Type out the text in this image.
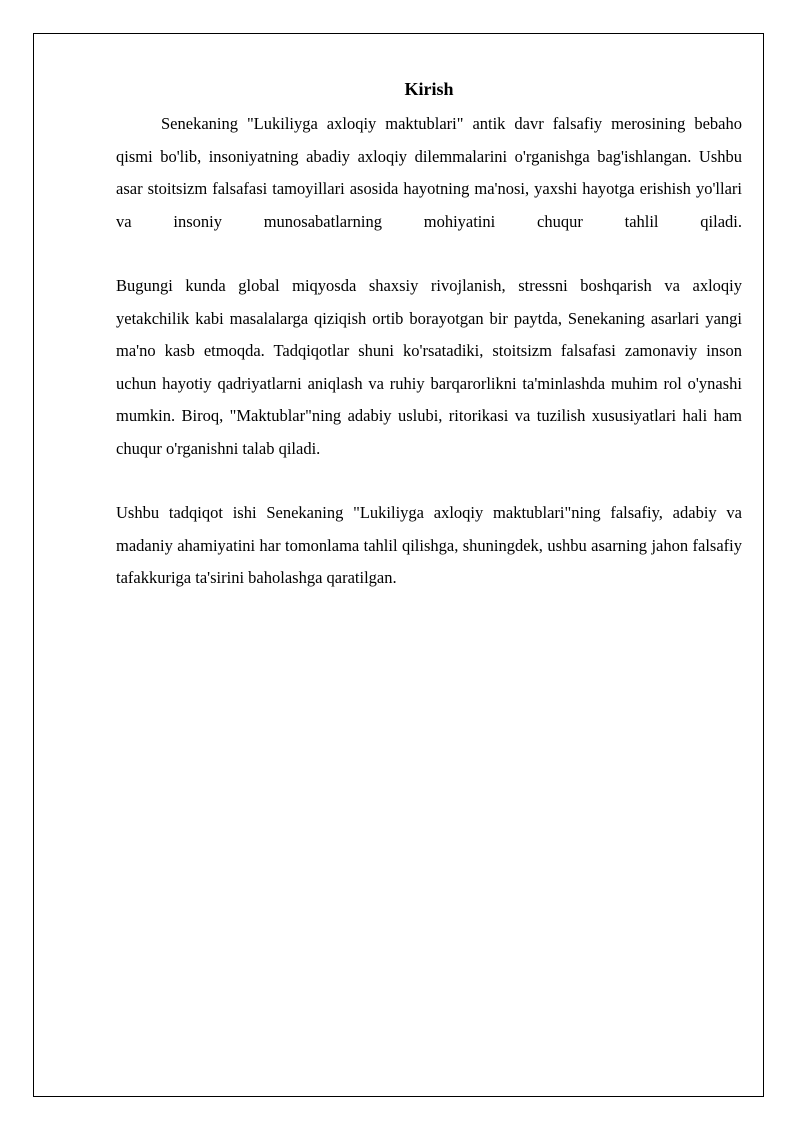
Kirish

Senekaning "Lukiliyga axloqiy maktublari" antik davr falsafiy merosining bebaho qismi bo'lib, insoniyatning abadiy axloqiy dilemmalarini o'rganishga bag'ishlangan. Ushbu asar stoitsizm falsafasi tamoyillari asosida hayotning ma'nosi, yaxshi hayotga erishish yo'llari va insoniy munosabatlarning mohiyatini chuqur tahlil qiladi.

Bugungi kunda global miqyosda shaxsiy rivojlanish, stressni boshqarish va axloqiy yetakchilik kabi masalalarga qiziqish ortib borayotgan bir paytda, Senekaning asarlari yangi ma'no kasb etmoqda. Tadqiqotlar shuni ko'rsatadiki, stoitsizm falsafasi zamonaviy inson uchun hayotiy qadriyatlarni aniqlash va ruhiy barqarorlikni ta'minlashda muhim rol o'ynashi mumkin. Biroq, "Maktublar"ning adabiy uslubi, ritorikasi va tuzilish xususiyatlari hali ham chuqur o'rganishni talab qiladi.

Ushbu tadqiqot ishi Senekaning "Lukiliyga axloqiy maktublari"ning falsafiy, adabiy va madaniy ahamiyatini har tomonlama tahlil qilishga, shuningdek, ushbu asarning jahon falsafiy tafakkuriga ta'sirini baholashga qaratilgan.
